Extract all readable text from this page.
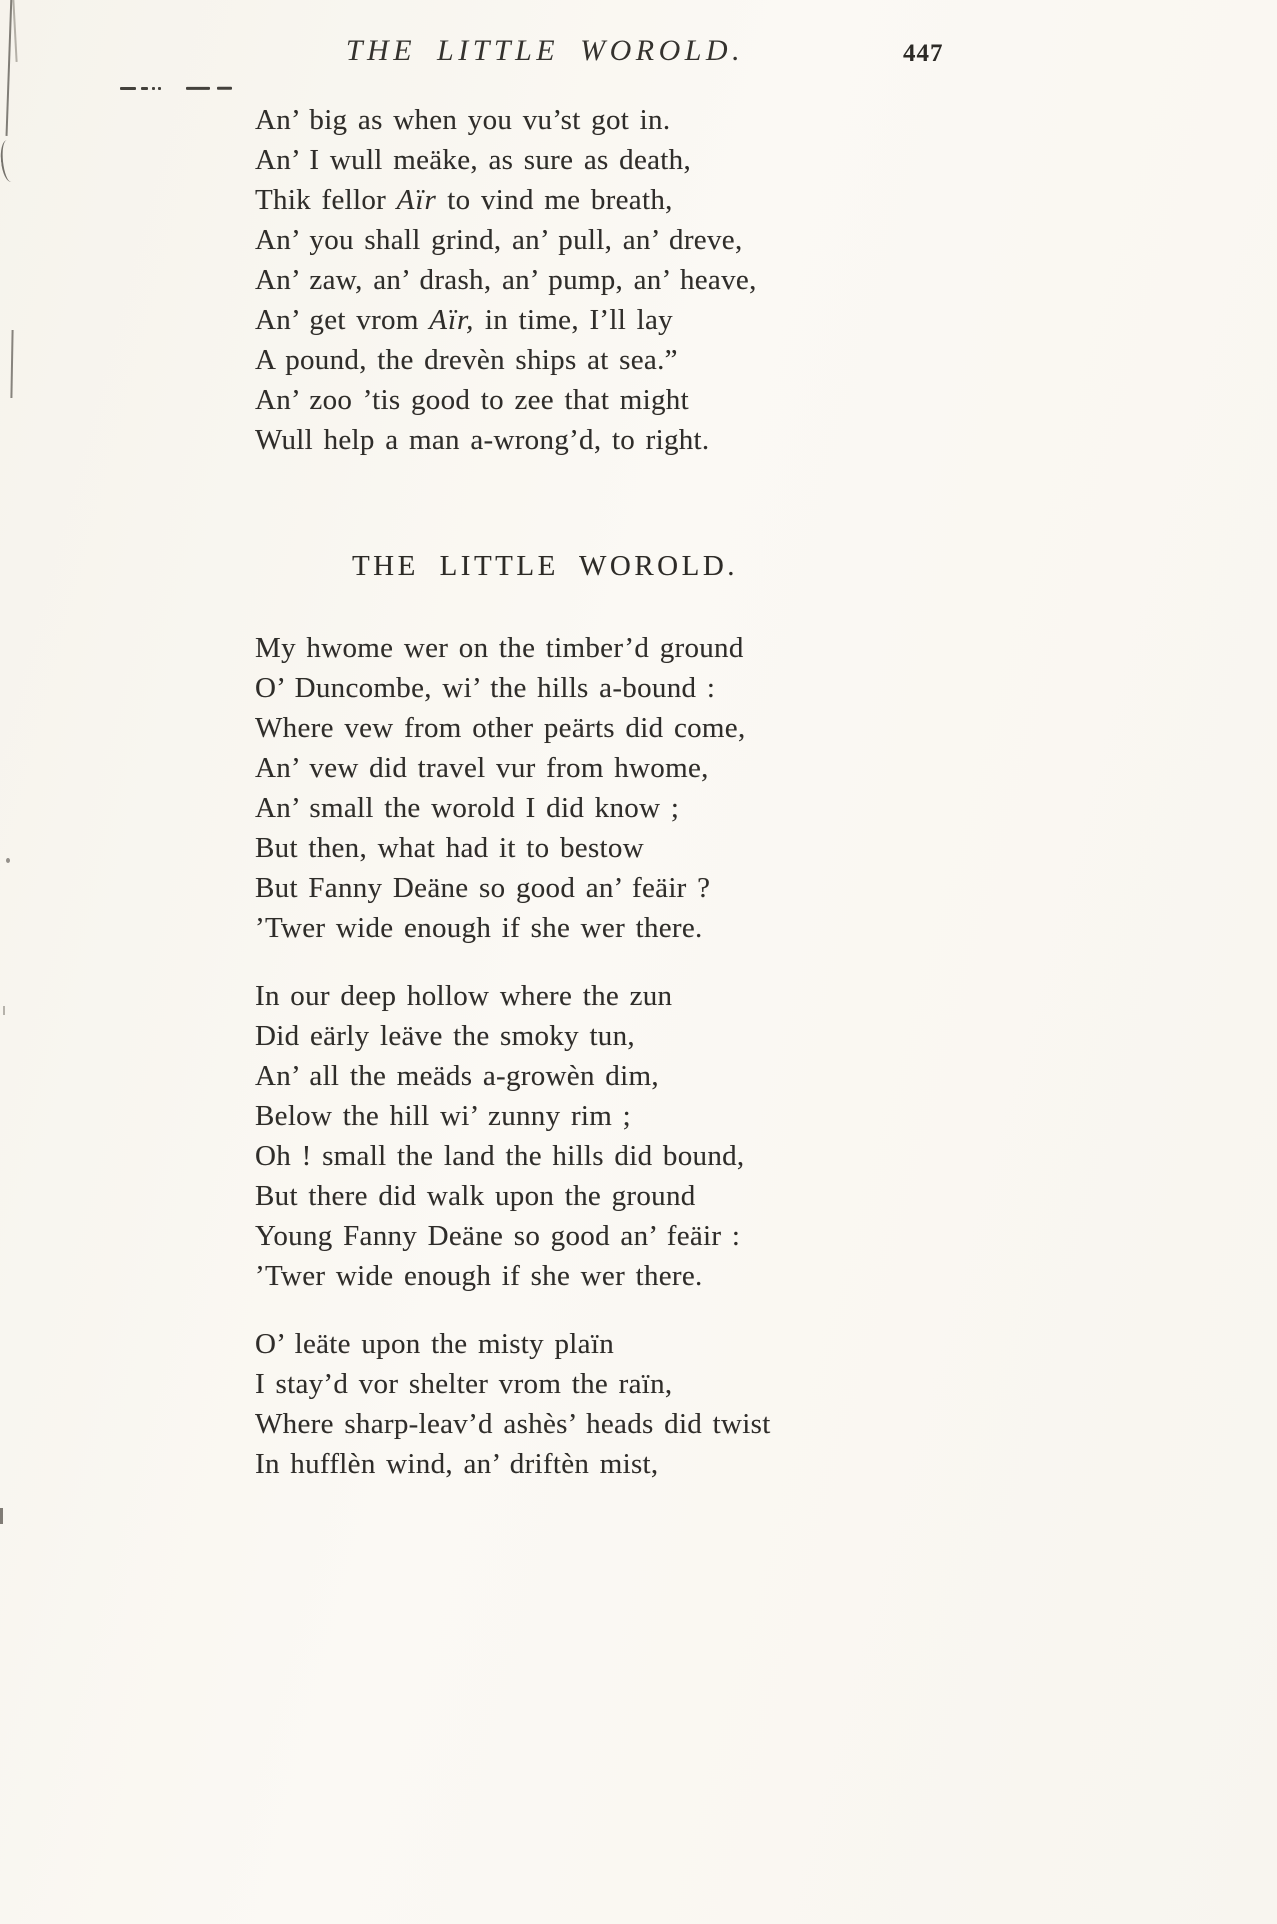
THE LITTLE WOROLD.	447
An’ big as when you vu’st got in.
An’ I wull meäke, as sure as death,
Thik fellor Aïr to vind me breath,
An’ you shall grind, an’ pull, an’ dreve,
An’ zaw, an’ drash, an’ pump, an’ heave,
An’ get vrom Aïr, in time, I’ll lay
A pound, the drevèn ships at sea.”
An’ zoo ’tis good to zee that might
Wull help a man a-wrong’d, to right.
THE LITTLE WOROLD.
My hwome wer on the timber’d ground
O’ Duncombe, wi’ the hills a-bound :
Where vew from other peärts did come,
An’ vew did travel vur from hwome,
An’ small the worold I did know ;
But then, what had it to bestow
But Fanny Deäne so good an’ feäir ?
’Twer wide enough if she wer there.
In our deep hollow where the zun
Did eärly leäve the smoky tun,
An’ all the meäds a-growèn dim,
Below the hill wi’ zunny rim ;
Oh ! small the land the hills did bound,
But there did walk upon the ground
Young Fanny Deäne so good an’ feäir :
’Twer wide enough if she wer there.
O’ leäte upon the misty plaïn
I stay’d vor shelter vrom the raïn,
Where sharp-leav’d ashès’ heads did twist
In hufflèn wind, an’ driftèn mist,
